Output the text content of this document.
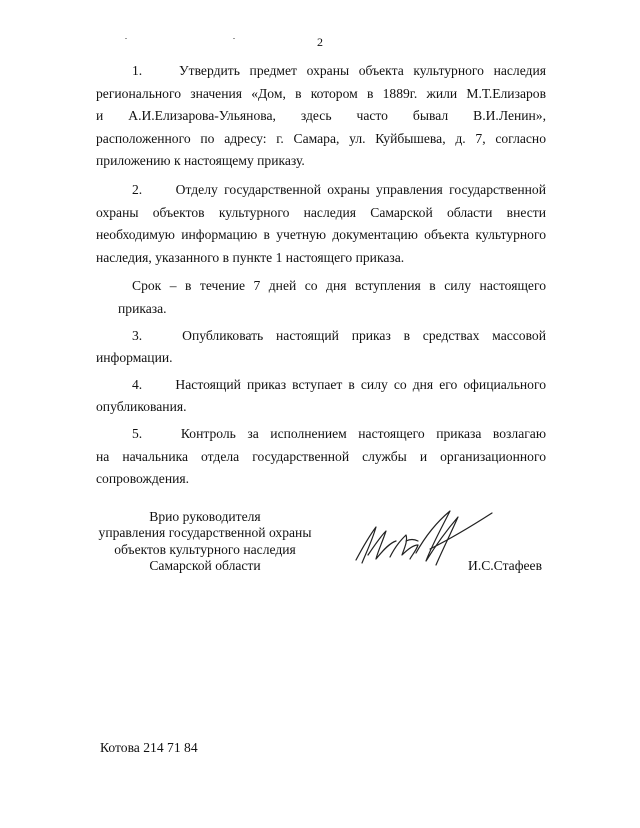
2
1.   Утвердить предмет охраны объекта культурного наследия
регионального значения «Дом, в котором в 1889г. жили М.Т.Елизаров
и А.И.Елизарова-Ульянова, здесь часто бывал В.И.Ленин»,
расположенного по адресу: г. Самара, ул. Куйбышева, д. 7, согласно
приложению к настоящему приказу.
2.   Отделу государственной охраны управления государственной
охраны объектов культурного наследия Самарской области внести
необходимую информацию в учетную документацию объекта культурного
наследия, указанного в пункте 1 настоящего приказа.
Срок – в течение 7 дней со дня вступления в силу настоящего
приказа.
3.   Опубликовать настоящий приказ в средствах массовой
информации.
4.   Настоящий приказ вступает в силу со дня его официального
опубликования.
5.   Контроль за исполнением настоящего приказа возлагаю
на начальника отдела государственной службы и организационного
сопровождения.
Врио руководителя
управления государственной охраны
объектов культурного наследия
Самарской области	И.С.Стафеев
Котова 214 71 84
